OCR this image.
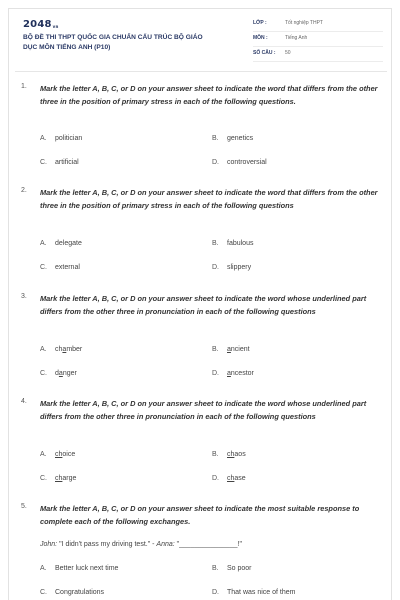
$2048_{vn}$
BỘ ĐỀ THI THPT QUỐC GIA CHUẨN CẤU TRÚC BỘ GIÁO
DỤC MÔN TIẾNG ANH (P10)
LỚP :	Tốt nghiệp THPT
MÔN :	Tiếng Anh
SỐ CÂU : 50
1. Mark the letter A, B, C, or D on your answer sheet to indicate the word that differs from the other three in the position of primary stress in each of the following questions.
A. politician	B. genetics
C. artificial	D. controversial
2. Mark the letter A, B, C, or D on your answer sheet to indicate the word that differs from the other three in the position of primary stress in each of the following questions
A. delegate	B. fabulous
C. external	D. slippery
3. Mark the letter A, B, C, or D on your answer sheet to indicate the word whose underlined part differs from the other three in pronunciation in each of the following questions
A. chamber	B. ancient
C. danger	D. ancestor
4. Mark the letter A, B, C, or D on your answer sheet to indicate the word whose underlined part differs from the other three in pronunciation in each of the following questions
A. choice	B. chaos
C. charge	D. chase
5. Mark the letter A, B, C, or D on your answer sheet to indicate the most suitable response to complete each of the following exchanges.
John: "I didn't pass my driving test." - Anna: "_______________!"
A. Better luck next time	B. So poor
C. Congratulations	D. That was nice of them
